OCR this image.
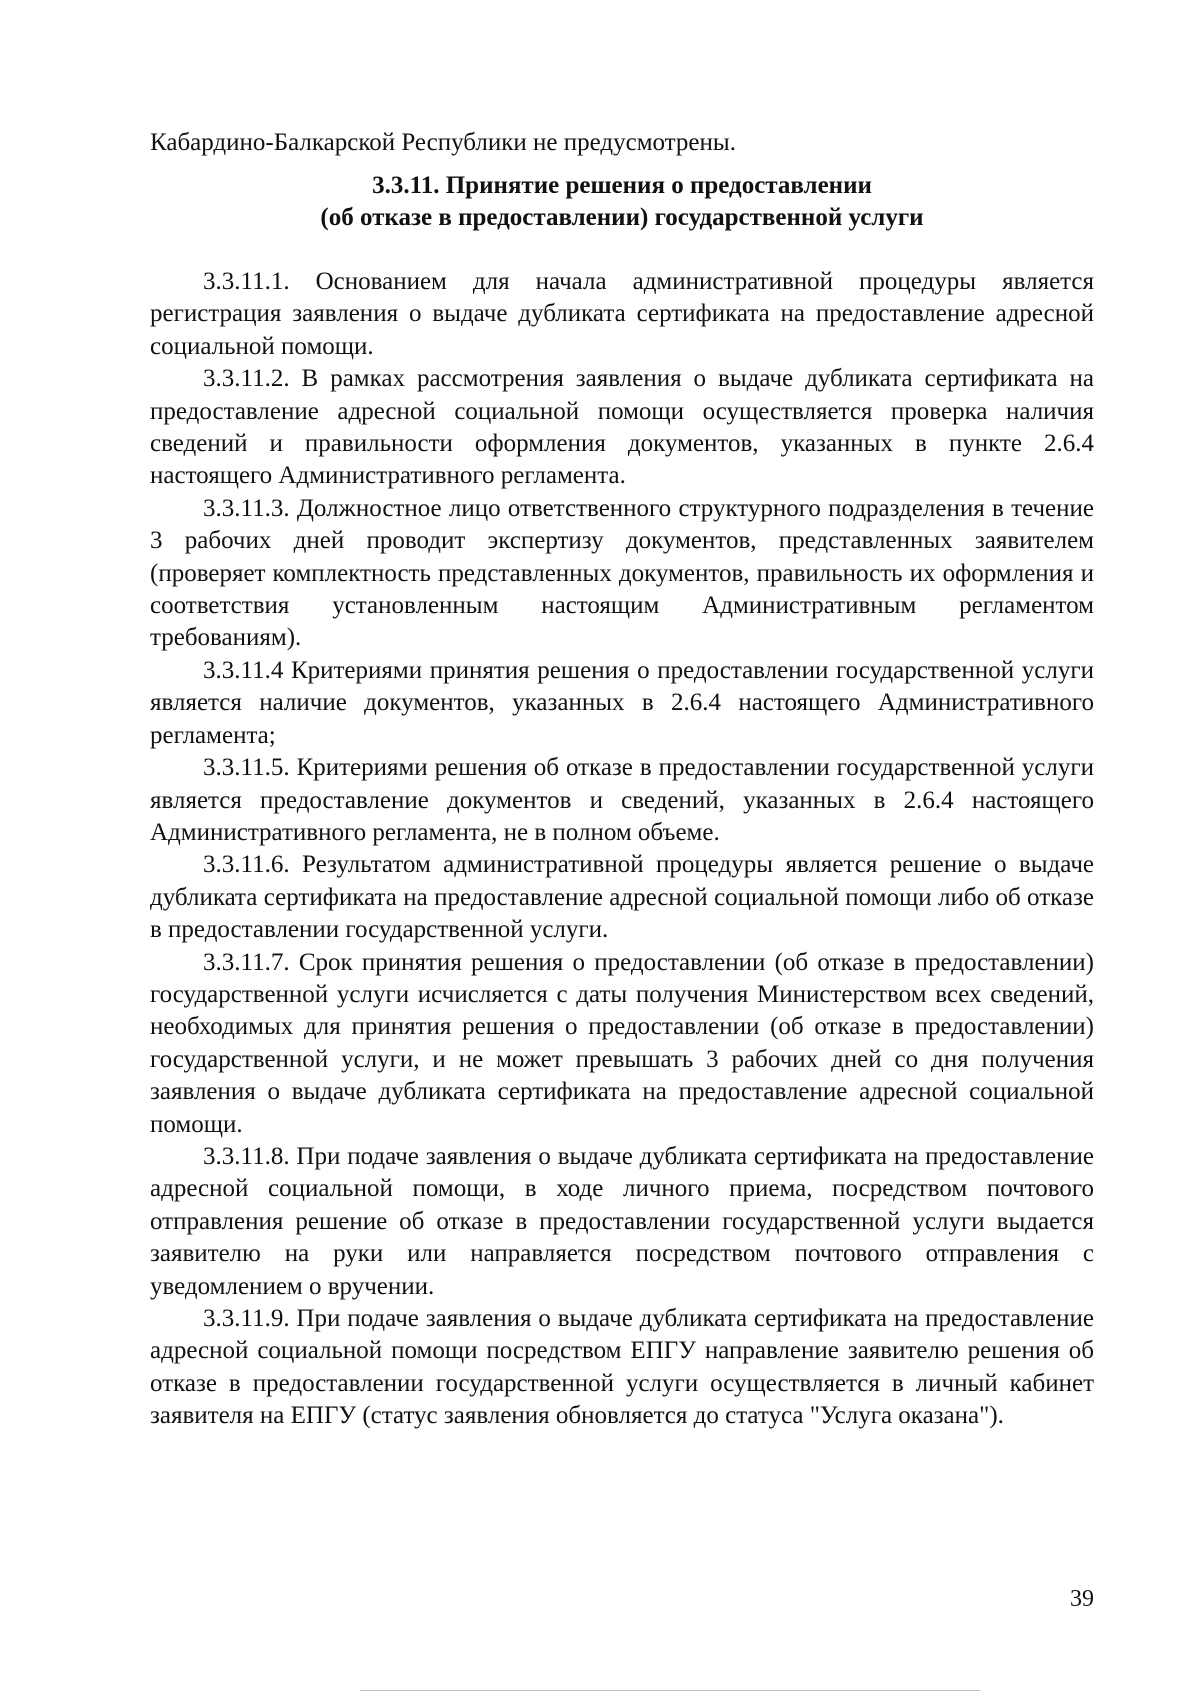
Кабардино-Балкарской Республики не предусмотрены.

3.3.11. Принятие решения о предоставлении
(об отказе в предоставлении) государственной услуги

3.3.11.1. Основанием для начала административной процедуры является регистрация заявления о выдаче дубликата сертификата на предоставление адресной социальной помощи.

3.3.11.2. В рамках рассмотрения заявления о выдаче дубликата сертификата на предоставление адресной социальной помощи осуществляется проверка наличия сведений и правильности оформления документов, указанных в пункте 2.6.4 настоящего Административного регламента.

3.3.11.3. Должностное лицо ответственного структурного подразделения в течение 3 рабочих дней проводит экспертизу документов, представленных заявителем (проверяет комплектность представленных документов, правильность их оформления и соответствия установленным настоящим Административным регламентом требованиям).

3.3.11.4 Критериями принятия решения о предоставлении государственной услуги является наличие документов, указанных в 2.6.4 настоящего Административного регламента;

3.3.11.5. Критериями решения об отказе в предоставлении государственной услуги является предоставление документов и сведений, указанных в 2.6.4 настоящего Административного регламента, не в полном объеме.

3.3.11.6. Результатом административной процедуры является решение о выдаче дубликата сертификата на предоставление адресной социальной помощи либо об отказе в предоставлении государственной услуги.

3.3.11.7. Срок принятия решения о предоставлении (об отказе в предоставлении) государственной услуги исчисляется с даты получения Министерством всех сведений, необходимых для принятия решения о предоставлении (об отказе в предоставлении) государственной услуги, и не может превышать 3 рабочих дней со дня получения заявления о выдаче дубликата сертификата на предоставление адресной социальной помощи.

3.3.11.8. При подаче заявления о выдаче дубликата сертификата на предоставление адресной социальной помощи, в ходе личного приема, посредством почтового отправления решение об отказе в предоставлении государственной услуги выдается заявителю на руки или направляется посредством почтового отправления с уведомлением о вручении.

3.3.11.9. При подаче заявления о выдаче дубликата сертификата на предоставление адресной социальной помощи посредством ЕПГУ направление заявителю решения об отказе в предоставлении государственной услуги осуществляется в личный кабинет заявителя на ЕПГУ (статус заявления обновляется до статуса "Услуга оказана").

39
